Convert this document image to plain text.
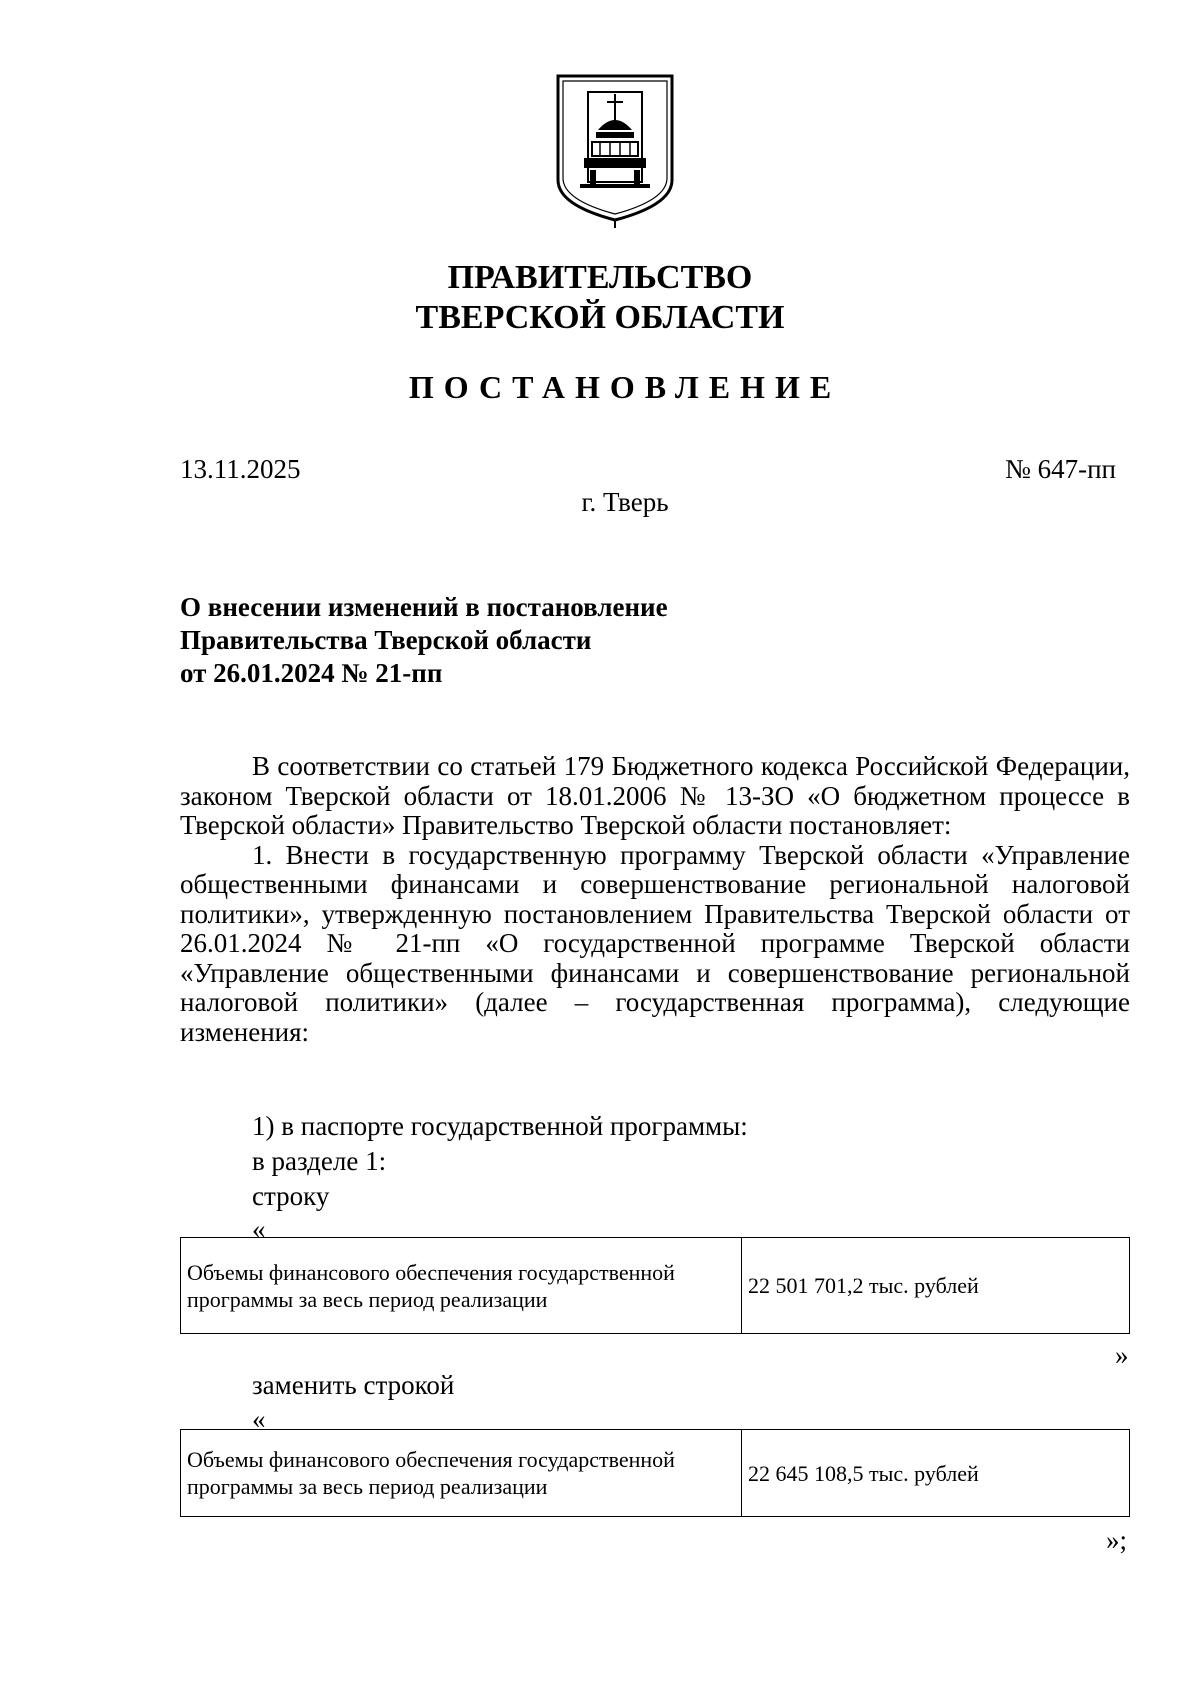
ПРАВИТЕЛЬСТВО
ТВЕРСКОЙ ОБЛАСТИ
ПОСТАНОВЛЕНИЕ
13.11.2025	№ 647-пп
г. Тверь
О внесении изменений в постановление
Правительства Тверской области
от 26.01.2024 № 21-пп

В соответствии со статьей 179 Бюджетного кодекса Российской Федерации, законом Тверской области от 18.01.2006 № 13-ЗО «О бюджетном процессе в Тверской области» Правительство Тверской области постановляет:

1. Внести в государственную программу Тверской области «Управление общественными финансами и совершенствование региональной налоговой политики», утвержденную постановлением Правительства Тверской области от 26.01.2024 № 21-пп «О государственной программе Тверской области «Управление общественными финансами и совершенствование региональной налоговой политики» (далее – государственная программа), следующие изменения:

1) в паспорте государственной программы:
в разделе 1:
строку
«
Объемы финансового обеспечения государственной программы за весь период реализации	22 501 701,2 тыс. рублей
»
заменить строкой
«
Объемы финансового обеспечения государственной программы за весь период реализации	22 645 108,5 тыс. рублей
»;
